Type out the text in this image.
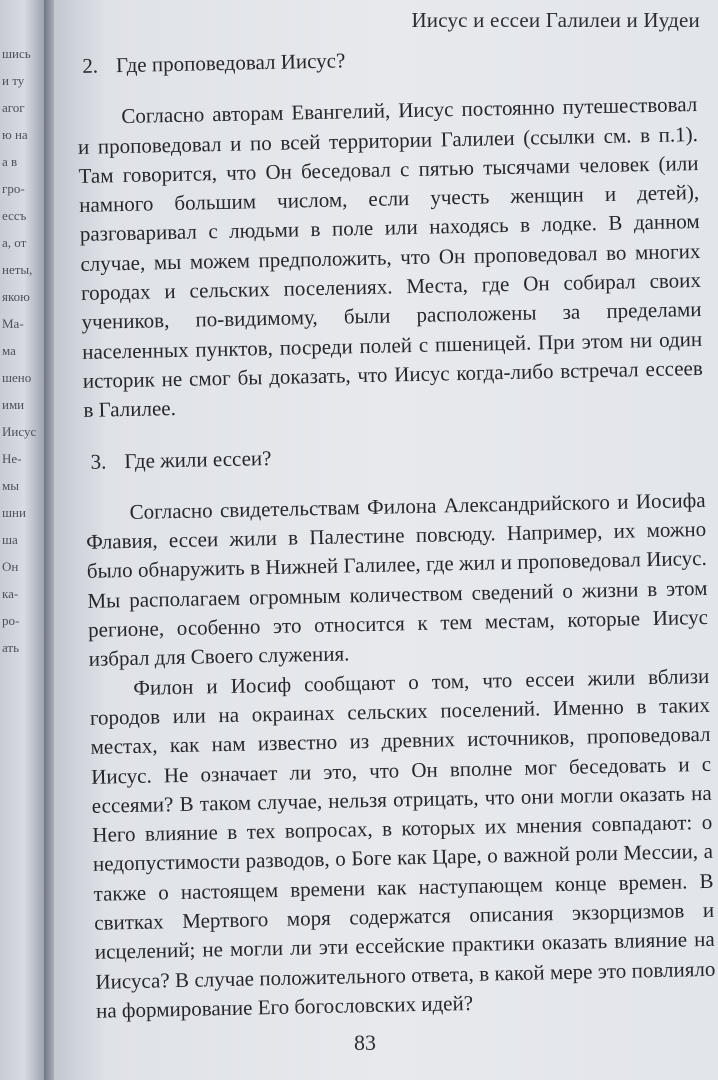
шись
и ту
агог
ю на
а в
гро-
ессъ
а, от
неты,
якою
Ма-
ма
шено
ими
Иисус
Не-
мы
шни
ша
Он
ка-
ро-
ать
Иисус и ессеи Галилеи и Иудеи
2. Где проповедовал Иисус?

Согласно авторам Евангелий, Иисус постоянно путешествовал и проповедовал и по всей территории Галилеи (ссылки см. в п.1). Там говорится, что Он беседовал с пятью тысячами человек (или намного большим числом, если учесть женщин и детей), разговаривал с людьми в поле или находясь в лодке. В данном случае, мы можем предположить, что Он проповедовал во многих городах и сельских поселениях. Места, где Он собирал своих учеников, по-видимому, были расположены за пределами населенных пунктов, посреди полей с пшеницей. При этом ни один историк не смог бы доказать, что Иисус когда-либо встречал ессеев в Галилее.

3. Где жили ессеи?

Согласно свидетельствам Филона Александрийского и Иосифа Флавия, ессеи жили в Палестине повсюду. Например, их можно было обнаружить в Нижней Галилее, где жил и проповедовал Иисус. Мы располагаем огромным количеством сведений о жизни в этом регионе, особенно это относится к тем местам, которые Иисус избрал для Своего служения.

Филон и Иосиф сообщают о том, что ессеи жили вблизи городов или на окраинах сельских поселений. Именно в таких местах, как нам известно из древних источников, проповедовал Иисус. Не означает ли это, что Он вполне мог беседовать и с ессеями? В таком случае, нельзя отрицать, что они могли оказать на Него влияние в тех вопросах, в которых их мнения совпадают: о недопустимости разводов, о Боге как Царе, о важной роли Мессии, а также о настоящем времени как наступающем конце времен. В свитках Мертвого моря содержатся описания экзорцизмов и исцелений; не могли ли эти ессейские практики оказать влияние на Иисуса? В случае положительного ответа, в какой мере это повлияло на формирование Его богословских идей?

83
